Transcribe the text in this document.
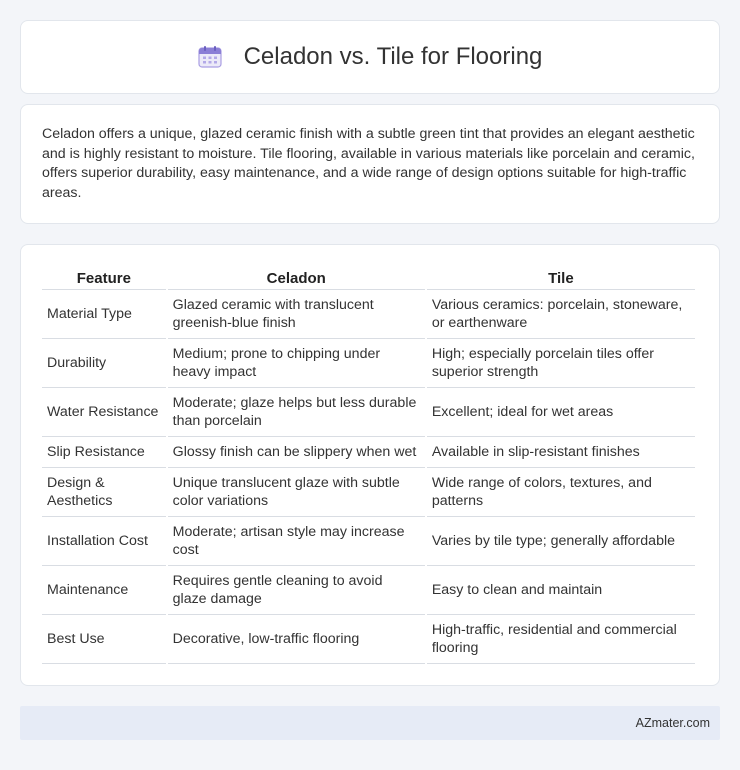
Celadon vs. Tile for Flooring

Celadon offers a unique, glazed ceramic finish with a subtle green tint that provides an elegant aesthetic and is highly resistant to moisture. Tile flooring, available in various materials like porcelain and ceramic, offers superior durability, easy maintenance, and a wide range of design options suitable for high-traffic areas.

Feature	Celadon	Tile
Material Type	Glazed ceramic with translucent greenish-blue finish	Various ceramics: porcelain, stoneware, or earthenware
Durability	Medium; prone to chipping under heavy impact	High; especially porcelain tiles offer superior strength
Water Resistance	Moderate; glaze helps but less durable than porcelain	Excellent; ideal for wet areas
Slip Resistance	Glossy finish can be slippery when wet	Available in slip-resistant finishes
Design & Aesthetics	Unique translucent glaze with subtle color variations	Wide range of colors, textures, and patterns
Installation Cost	Moderate; artisan style may increase cost	Varies by tile type; generally affordable
Maintenance	Requires gentle cleaning to avoid glaze damage	Easy to clean and maintain
Best Use	Decorative, low-traffic flooring	High-traffic, residential and commercial flooring
AZmater.com
